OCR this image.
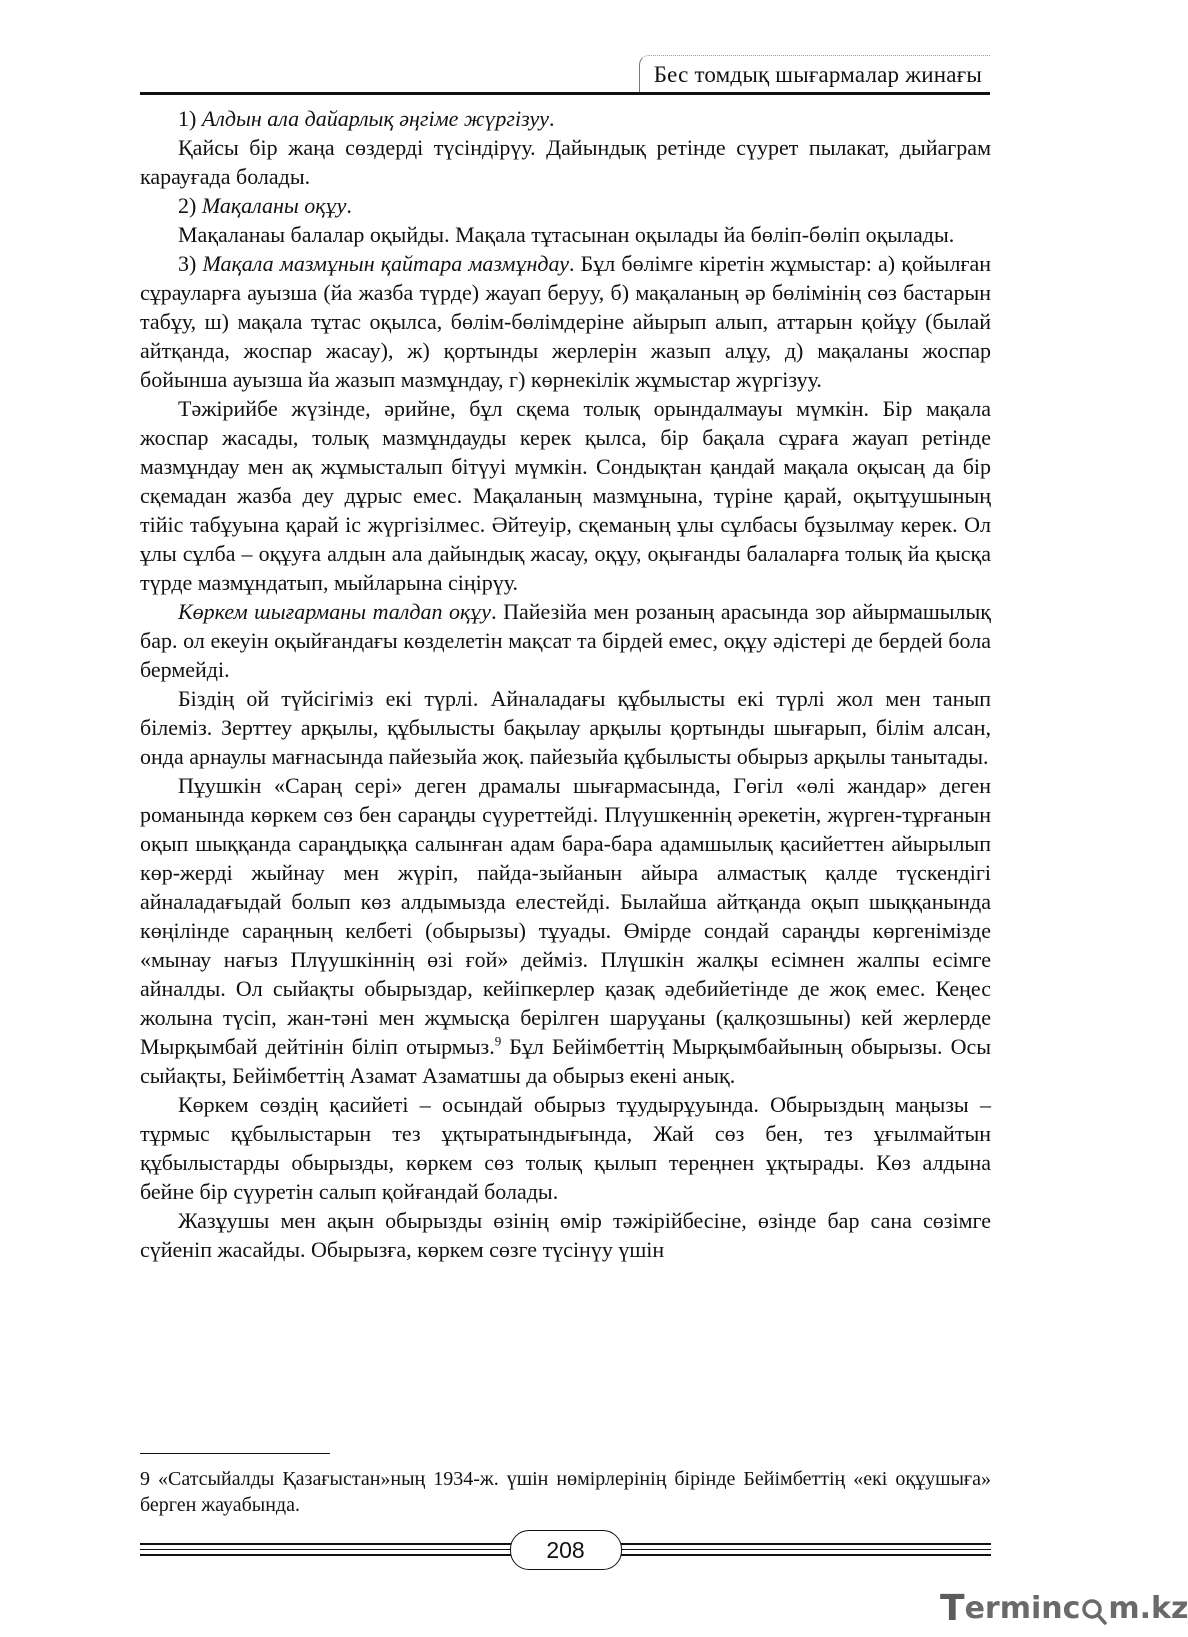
Бес томдық шығармалар жинағы

1) Алдын ала дайарлық әңгіме жүргізуу.

Қайсы бір жаңа сөздерді түсіндірүу. Дайындық ретінде сүурет пылакат, дыйаграм карауғада болады.

2) Мақаланы оқұу.

Мақаланаы балалар оқыйды. Мақала тұтасынан оқылады йа бөліп-бөліп оқылады.

3) Мақала мазмұнын қайтара мазмұндау. Бұл бөлімге кіретін жұмыстар: а) қойылған сұрауларға ауызша (йа жазба түрде) жауап беруу, б) мақаланың әр бөлімінің сөз бастарын табұу, ш) мақала тұтас оқылса, бөлім-бөлімдеріне айырып алып, аттарын қойұу (былай айтқанда, жоспар жасау), ж) қортынды жерлерін жазып алұу, д) мақаланы жоспар бойынша ауызша йа жазып мазмұндау, г) көрнекілік жұмыстар жүргізуу.

Тәжірийбе жүзінде, әрийне, бұл сқема толық орындалмауы мүмкін. Бір мақала жоспар жасады, толық мазмұндауды керек қылса, бір бақала сұраға жауап ретінде мазмұндау мен ақ жұмысталып бітүуі мүмкін. Сондықтан қандай мақала оқысаң да бір сқемадан жазба деу дұрыс емес. Мақаланың мазмұнына, түріне қарай, оқытұушының тійіс табұуына қарай іс жүргізілмес. Әйтеуір, сқеманың ұлы сұлбасы бұзылмау керек. Ол ұлы сұлба – оқұуға алдын ала дайындық жасау, оқұу, оқығанды балаларға толық йа қысқа түрде мазмұндатып, мыйларына сіңірүу.

Көркем шығарманы талдап оқұу. Пайезійа мен розаның арасында зор айырмашылық бар. ол екеуін оқыйғандағы көзделетін мақсат та бірдей емес, оқұу әдістері де бердей бола бермейді.

Біздің ой түйсігіміз екі түрлі. Айналадағы құбылысты екі түрлі жол мен танып білеміз. Зерттеу арқылы, құбылысты бақылау арқылы қортынды шығарып, білім алсан, онда арнаулы мағнасында пайезыйа жоқ. пайезыйа құбылысты обырыз арқылы танытады.

Пұушкін «Сараң сері» деген драмалы шығармасында, Гөгіл «өлі жандар» деген романында көркем сөз бен сараңды сүуреттейді. Плүушкеннің әрекетін, жүрген-тұрғанын оқып шыққанда сараңдыққа салынған адам бара-бара адамшылық қасийеттен айырылып көр-жерді жыйнау мен жүріп, пайда-зыйанын айыра алмастық қалде түскендігі айналадағыдай болып көз алдымызда елестейді. Былайша айтқанда оқып шыққанында көңілінде сараңның келбеті (обырызы) тұуады. Өмірде сондай сараңды көргенімізде «мынау нағыз Плүушкіннің өзі ғой» дейміз. Плүшкін жалқы есімнен жалпы есімге айналды. Ол сыйақты обырыздар, кейіпкерлер қазақ әдебийетінде де жоқ емес. Кеңес жолына түсіп, жан-тәні мен жұмысқа берілген шаруұаны (қалқозшыны) кей жерлерде Мырқымбай дейтінін біліп отырмыз.$^9$ Бұл Бейімбеттің Мырқымбайының обырызы. Осы сыйақты, Бейімбеттің Азамат Азаматшы да обырыз екені анық.

Көркем сөздің қасийеті – осындай обырыз тұудырұуында. Обырыздың маңызы – тұрмыс құбылыстарын тез ұқтыратындығында, Жай сөз бен, тез ұғылмайтын құбылыстарды обырызды, көркем сөз толық қылып тереңнен ұқтырады. Көз алдына бейне бір сүуретін салып қойғандай болады.

Жазұушы мен ақын обырызды өзінің өмір тәжірійбесіне, өзінде бар сана сөзімге сүйеніп жасайды. Обырызға, көркем сөзге түсінүу үшін

9 «Сатсыйалды Қазағыстан»ның 1934-ж. үшін нөмірлерінің бірінде Бейімбеттің «екі оқұушыға» берген жауабында.

208
T erminc m.kz
